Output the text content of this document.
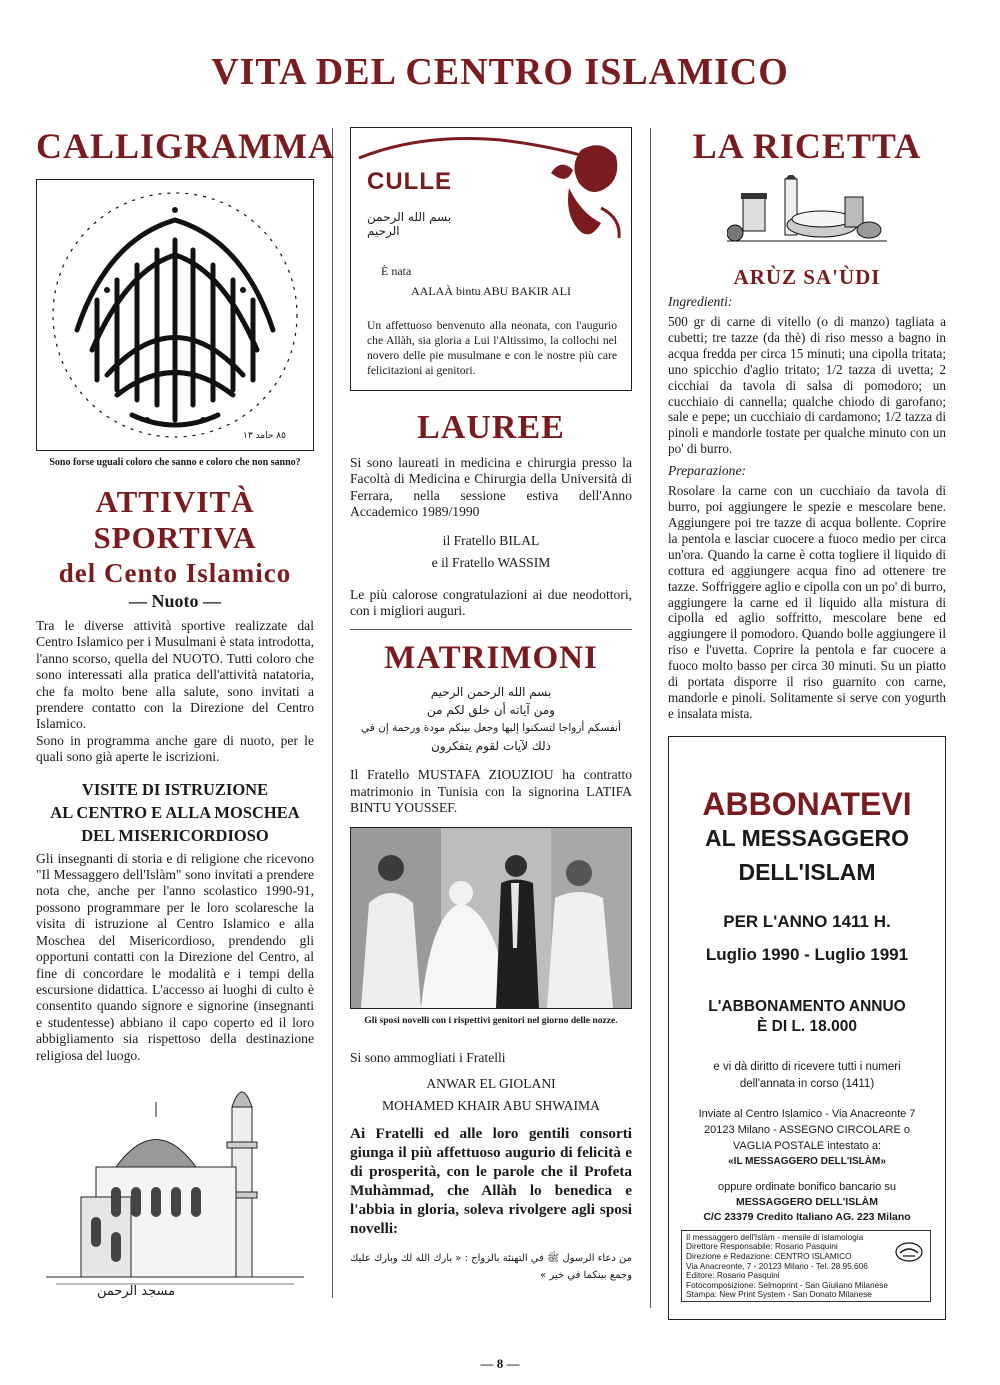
VITA DEL CENTRO ISLAMICO
CALLIGRAMMA
٨٥ حامد ١٣

Sono forse uguali coloro che sanno e coloro che non sanno?

ATTIVITÀ
SPORTIVA
del Cento Islamico

— Nuoto —

Tra le diverse attività sportive realizzate dal Centro Islamico per i Musulmani è stata introdotta, l'anno scorso, quella del NUOTO. Tutti coloro che sono interessati alla pratica dell'attività natatoria, che fa molto bene alla salute, sono invitati a prendere contatto con la Direzione del Centro Islamico.

Sono in programma anche gare di nuoto, per le quali sono già aperte le iscrizioni.

VISITE DI ISTRUZIONE
AL CENTRO E ALLA MOSCHEA
DEL MISERICORDIOSO

Gli insegnanti di storia e di religione che ricevono "Il Messaggero dell'Islàm" sono invitati a prendere nota che, anche per l'anno scolastico 1990-91, possono programmare per le loro scolaresche la visita di istruzione al Centro Islamico e alla Moschea del Misericordioso, prendendo gli opportuni contatti con la Direzione del Centro, al fine di concordare le modalità e i tempi della escursione didattica. L'accesso ai luoghi di culto è consentito quando signore e signorine (insegnanti e studentesse) abbiano il capo coperto ed il loro abbigliamento sia rispettoso della destinazione religiosa del luogo.

مسجد الرحمن
CULLE
بسم الله الرحمن الرحيم
È nata
AALAÀ bintu ABU BAKIR ALI
Un affettuoso benvenuto alla neonata, con l'augurio che Allàh, sia gloria a Lui l'Altissimo, la collochi nel novero delle pie musulmane e con le nostre più care felicitazioni ai genitori.
LAUREE

Si sono laureati in medicina e chirurgia presso la Facoltà di Medicina e Chirurgia della Università di Ferrara, nella sessione estiva dell'Anno Accademico 1989/1990

il Fratello BILAL

e il Fratello WASSIM

Le più calorose congratulazioni ai due neodottori, con i migliori auguri.

MATRIMONI
بسم الله الرحمن الرحيم
ومن آياته أن خلق لكم من
أنفسكم أزواجا لتسكنوا إليها وجعل بينكم مودة ورحمة إن في
ذلك لآيات لقوم يتفكرون

Il Fratello MUSTAFA ZIOUZIOU ha contratto matrimonio in Tunisia con la signorina LATIFA BINTU YOUSSEF.

Gli sposi novelli con i rispettivi genitori nel giorno delle nozze.

Si sono ammogliati i Fratelli

ANWAR EL GIOLANI

MOHAMED KHAIR ABU SHWAIMA

Ai Fratelli ed alle loro gentili consorti giunga il più affettuoso augurio di felicità e di prosperità, con le parole che il Profeta Muhàmmad, che Allàh lo benedica e l'abbia in gloria, soleva rivolgere agli sposi novelli:

من دعاء الرسول ﷺ في التهنئة بالزواج : « بارك الله لك وبارك عليك
وجمع بينكما في خير »
LA RICETTA
ARÙZ SA'ÙDI

Ingredienti:

500 gr di carne di vitello (o di manzo) tagliata a cubetti; tre tazze (da thè) di riso messo a bagno in acqua fredda per circa 15 minuti; una cipolla tritata; uno spicchio d'aglio tritato; 1/2 tazza di uvetta; 2 cicchiai da tavola di salsa di pomodoro; un cucchiaio di cannella; qualche chiodo di garofano; sale e pepe; un cucchiaio di cardamono; 1/2 tazza di pinoli e mandorle tostate per qualche minuto con un po' di burro.

Preparazione:

Rosolare la carne con un cucchiaio da tavola di burro, poi aggiungere le spezie e mescolare bene. Aggiungere poi tre tazze di acqua bollente. Coprire la pentola e lasciar cuocere a fuoco medio per circa un'ora. Quando la carne è cotta togliere il liquido di cottura ed aggiungere acqua fino ad ottenere tre tazze. Soffriggere aglio e cipolla con un po' di burro, aggiungere la carne ed il liquido alla mistura di cipolla ed aglio soffritto, mescolare bene ed aggiungere il pomodoro. Quando bolle aggiungere il riso e l'uvetta. Coprire la pentola e far cuocere a fuoco molto basso per circa 30 minuti. Su un piatto di portata disporre il riso guarnito con carne, mandorle e pinoli. Solitamente si serve con yogurth e insalata mista.

ABBONATEVI
AL MESSAGGERO
DELL'ISLAM
PER L'ANNO 1411 H.
Luglio 1990 - Luglio 1991
L'ABBONAMENTO ANNUO
È DI L. 18.000
e vi dà diritto di ricevere tutti i numeri
dell'annata in corso (1411)
Inviate al Centro Islamico - Via Anacreonte 7
20123 Milano - ASSEGNO CIRCOLARE o
VAGLIA POSTALE intestato a:
«IL MESSAGGERO DELL'ISLÀM»
oppure ordinate bonifico bancario su
MESSAGGERO DELL'ISLÀM
C/C 23379 Credito Italiano AG. 223 Milano
Il messaggero dell'Islàm - mensile di islamologia
Direttore Responsabile: Rosario Pasquini
Direzione e Redazione: CENTRO ISLAMICO
Via Anacreonte, 7 - 20123 Milano - Tel. 28.95.606
Editore: Rosario Pasquini
Fotocomposizione: Selmoprint - San Giuliano Milanese
Stampa: New Print System - San Donato Milanese
— 8 —
